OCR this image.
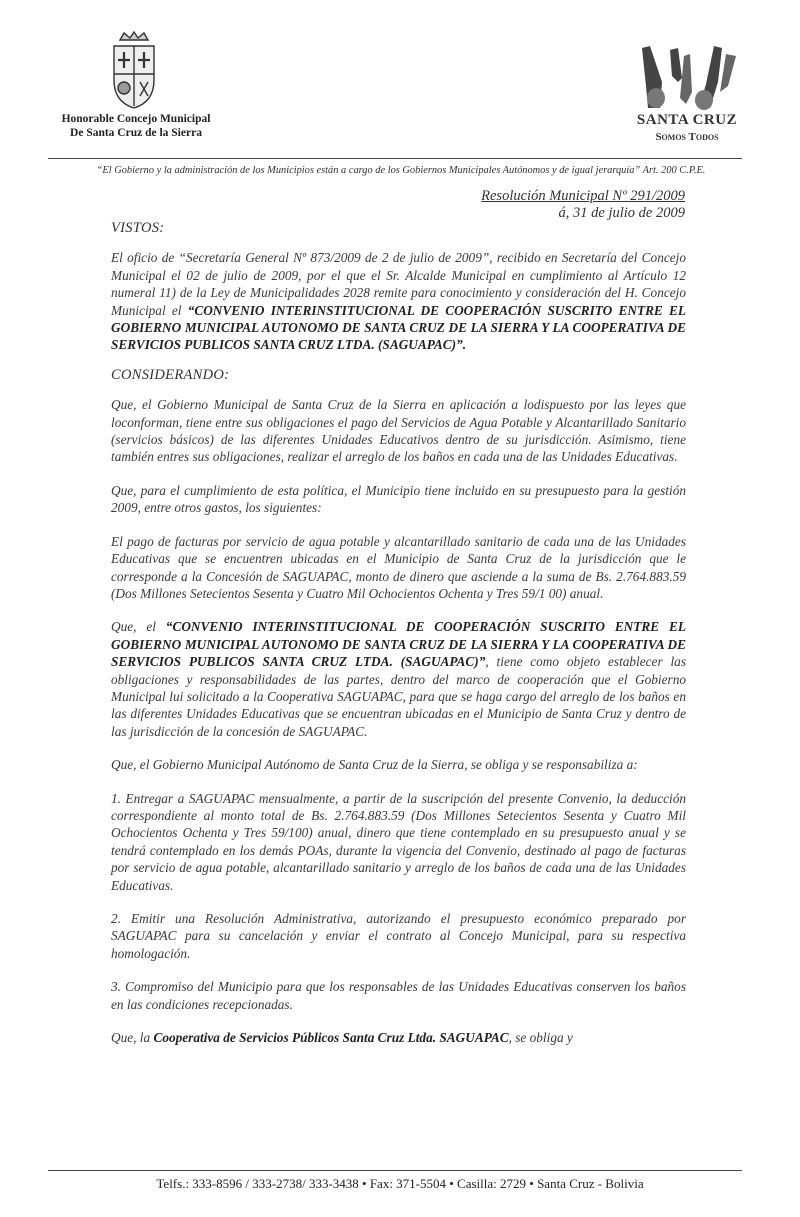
Honorable Concejo Municipal
De Santa Cruz de la Sierra
SANTA CRUZ
Somos Todos
“El Gobierno y la administración de los Municipios están a cargo de los Gobiernos Municipales Autónomos y de igual jerarquía” Art. 200 C.P.E.
Resolución Municipal Nº 291/2009
á, 31 de julio de 2009

VISTOS:

El oficio de “Secretaría General Nº 873/2009 de 2 de julio de 2009”, recibido en Secretaría del Concejo Municipal el 02 de julio de 2009, por el que el Sr. Alcalde Municipal en cumplimiento al Artículo 12 numeral 11) de la Ley de Municipalidades 2028 remite para conocimiento y consideración del H. Concejo Municipal el “CONVENIO INTERINSTITUCIONAL DE COOPERACIÓN SUSCRITO ENTRE EL GOBIERNO MUNICIPAL AUTONOMO DE SANTA CRUZ DE LA SIERRA Y LA COOPERATIVA DE SERVICIOS PUBLICOS SANTA CRUZ LTDA. (SAGUAPAC)”.

CONSIDERANDO:

Que, el Gobierno Municipal de Santa Cruz de la Sierra en aplicación a lodispuesto por las leyes que loconforman, tiene entre sus obligaciones el pago del Servicios de Agua Potable y Alcantarillado Sanitario (servicios básicos) de las diferentes Unidades Educativos dentro de su jurisdicción. Asimismo, tiene también entres sus obligaciones, realizar el arreglo de los baños en cada una de las Unidades Educativas.

Que, para el cumplimiento de esta política, el Municipio tiene incluido en su presupuesto para la gestión 2009, entre otros gastos, los siguientes:

El pago de facturas por servicio de agua potable y alcantarillado sanitario de cada una de las Unidades Educativas que se encuentren ubicadas en el Municipio de Santa Cruz de la jurisdicción que le corresponde a la Concesión de SAGUAPAC, monto de dinero que asciende a la suma de Bs. 2.764.883.59 (Dos Millones Setecientos Sesenta y Cuatro Mil Ochocientos Ochenta y Tres 59/1 00) anual.

Que, el “CONVENIO INTERINSTITUCIONAL DE COOPERACIÓN SUSCRITO ENTRE EL GOBIERNO MUNICIPAL AUTONOMO DE SANTA CRUZ DE LA SIERRA Y LA COOPERATIVA DE SERVICIOS PUBLICOS SANTA CRUZ LTDA. (SAGUAPAC)”, tiene como objeto establecer las obligaciones y responsabilidades de las partes, dentro del marco de cooperación que el Gobierno Municipal lui solicitado a la Cooperativa SAGUAPAC, para que se haga cargo del arreglo de los baños en las diferentes Unidades Educativas que se encuentran ubicadas en el Municipio de Santa Cruz y dentro de las jurisdicción de la concesión de SAGUAPAC.

Que, el Gobierno Municipal Autónomo de Santa Cruz de la Sierra, se obliga y se responsabiliza a:

1. Entregar a SAGUAPAC mensualmente, a partir de la suscripción del presente Convenio, la deducción correspondiente al monto total de Bs. 2.764.883.59 (Dos Millones Setecientos Sesenta y Cuatro Mil Ochocientos Ochenta y Tres 59/100) anual, dinero que tiene contemplado en su presupuesto anual y se tendrá contemplado en los demás POAs, durante la vigencia del Convenio, destinado al pago de facturas por servicio de agua potable, alcantarillado sanitario y arreglo de los baños de cada una de las Unidades Educativas.

2. Emitir una Resolución Administrativa, autorizando el presupuesto económico preparado por SAGUAPAC para su cancelación y enviar el contrato al Concejo Municipal, para su respectiva homologación.

3. Compromiso del Municipio para que los responsables de las Unidades Educativas conserven los baños en las condiciones recepcionadas.

Que, la Cooperativa de Servicios Públicos Santa Cruz Ltda. SAGUAPAC, se obliga y

Telfs.: 333-8596 / 333-2738/ 333-3438 • Fax: 371-5504 • Casilla: 2729 • Santa Cruz - Bolivia
